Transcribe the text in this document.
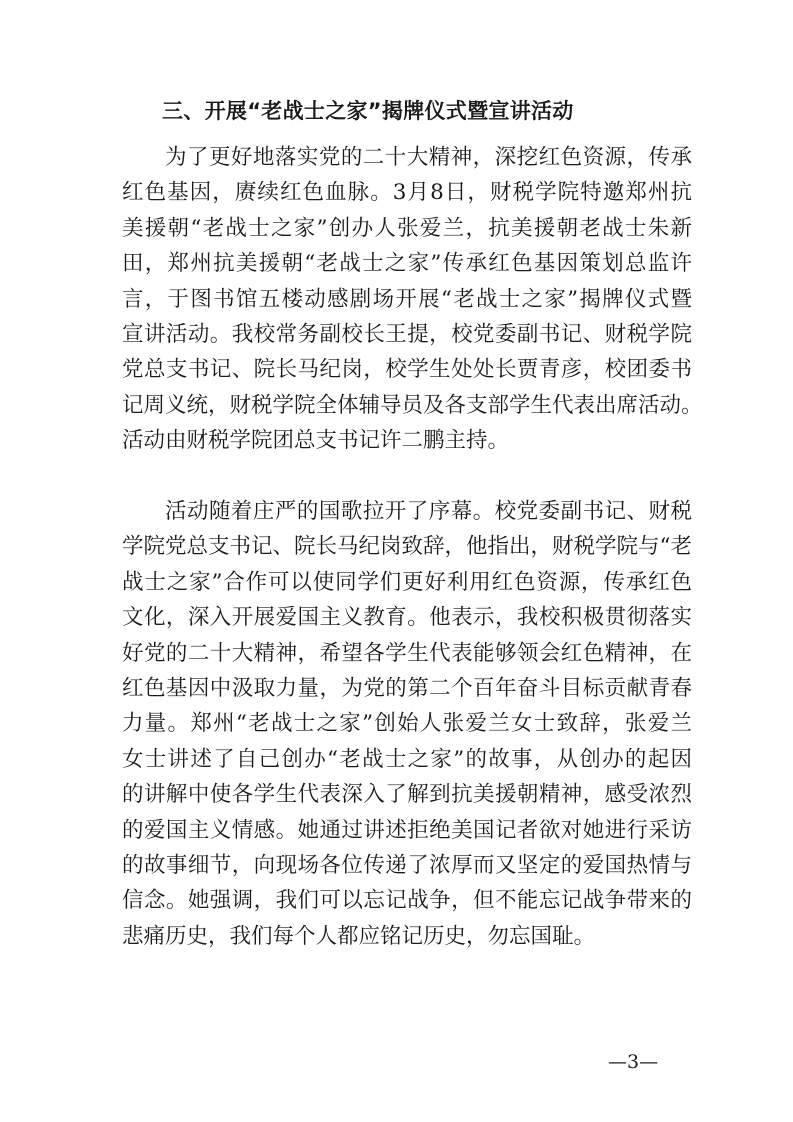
三、开展“老战士之家”揭牌仪式暨宣讲活动
为了更好地落实党的二十大精神，深挖红色资源，传承
红色基因，赓续红色血脉。3月8日，财税学院特邀郑州抗
美援朝“老战士之家”创办人张爱兰，抗美援朝老战士朱新
田，郑州抗美援朝“老战士之家”传承红色基因策划总监许
言，于图书馆五楼动感剧场开展“老战士之家”揭牌仪式暨
宣讲活动。我校常务副校长王提，校党委副书记、财税学院
党总支书记、院长马纪岗，校学生处处长贾青彦，校团委书
记周义统，财税学院全体辅导员及各支部学生代表出席活动。
活动由财税学院团总支书记许二鹏主持。
活动随着庄严的国歌拉开了序幕。校党委副书记、财税
学院党总支书记、院长马纪岗致辞，他指出，财税学院与“老
战士之家”合作可以使同学们更好利用红色资源，传承红色
文化，深入开展爱国主义教育。他表示，我校积极贯彻落实
好党的二十大精神，希望各学生代表能够领会红色精神，在
红色基因中汲取力量，为党的第二个百年奋斗目标贡献青春
力量。郑州“老战士之家”创始人张爱兰女士致辞，张爱兰
女士讲述了自己创办“老战士之家”的故事，从创办的起因
的讲解中使各学生代表深入了解到抗美援朝精神，感受浓烈
的爱国主义情感。她通过讲述拒绝美国记者欲对她进行采访
的故事细节，向现场各位传递了浓厚而又坚定的爱国热情与
信念。她强调，我们可以忘记战争，但不能忘记战争带来的
悲痛历史，我们每个人都应铭记历史，勿忘国耻。
—3—
